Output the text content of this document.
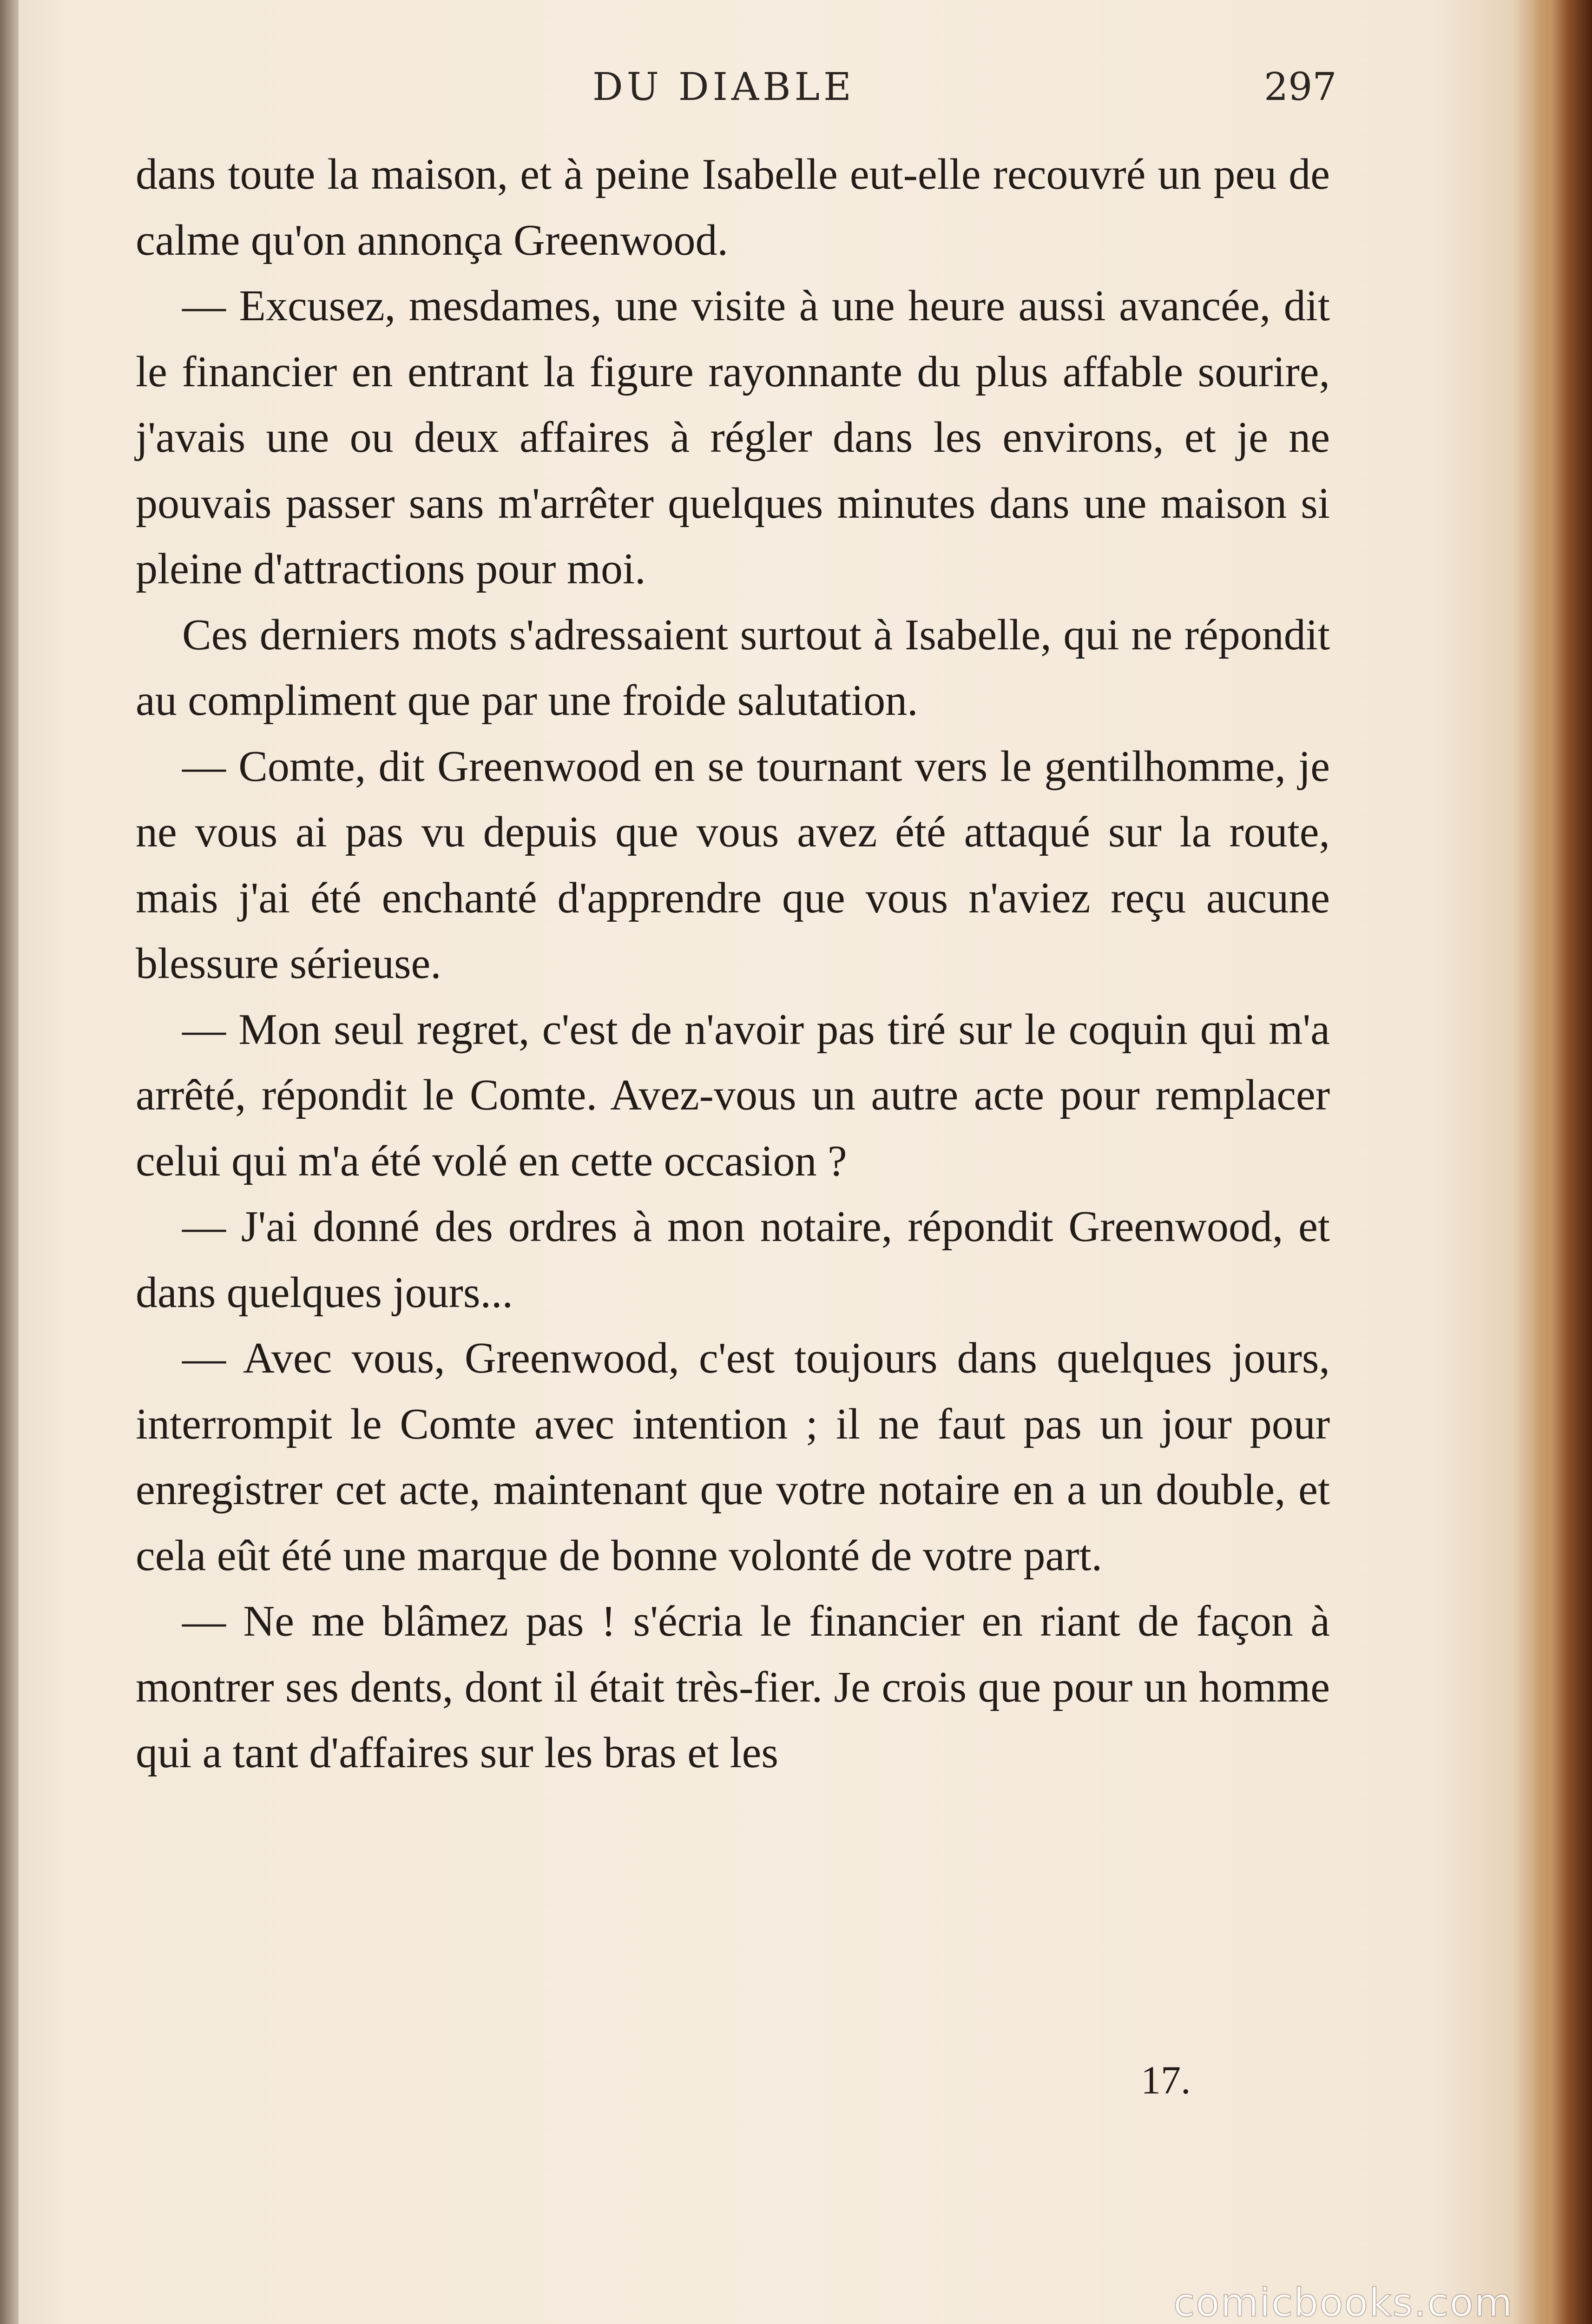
DU DIABLE	297

dans toute la maison, et à peine Isabelle eut-elle recouvré un peu de calme qu'on annonça Greenwood.

— Excusez, mesdames, une visite à une heure aussi avancée, dit le financier en entrant la figure rayonnante du plus affable sourire, j'avais une ou deux affaires à régler dans les environs, et je ne pouvais passer sans m'arrêter quelques minutes dans une maison si pleine d'attractions pour moi.

Ces derniers mots s'adressaient surtout à Isabelle, qui ne répondit au compliment que par une froide salutation.

— Comte, dit Greenwood en se tournant vers le gentilhomme, je ne vous ai pas vu depuis que vous avez été attaqué sur la route, mais j'ai été enchanté d'apprendre que vous n'aviez reçu aucune blessure sérieuse.

— Mon seul regret, c'est de n'avoir pas tiré sur le coquin qui m'a arrêté, répondit le Comte. Avez-vous un autre acte pour remplacer celui qui m'a été volé en cette occasion ?

— J'ai donné des ordres à mon notaire, répondit Greenwood, et dans quelques jours...

— Avec vous, Greenwood, c'est toujours dans quelques jours, interrompit le Comte avec intention ; il ne faut pas un jour pour enregistrer cet acte, maintenant que votre notaire en a un double, et cela eût été une marque de bonne volonté de votre part.

— Ne me blâmez pas ! s'écria le financier en riant de façon à montrer ses dents, dont il était très-fier. Je crois que pour un homme qui a tant d'affaires sur les bras et les

17.
comicbooks.com
